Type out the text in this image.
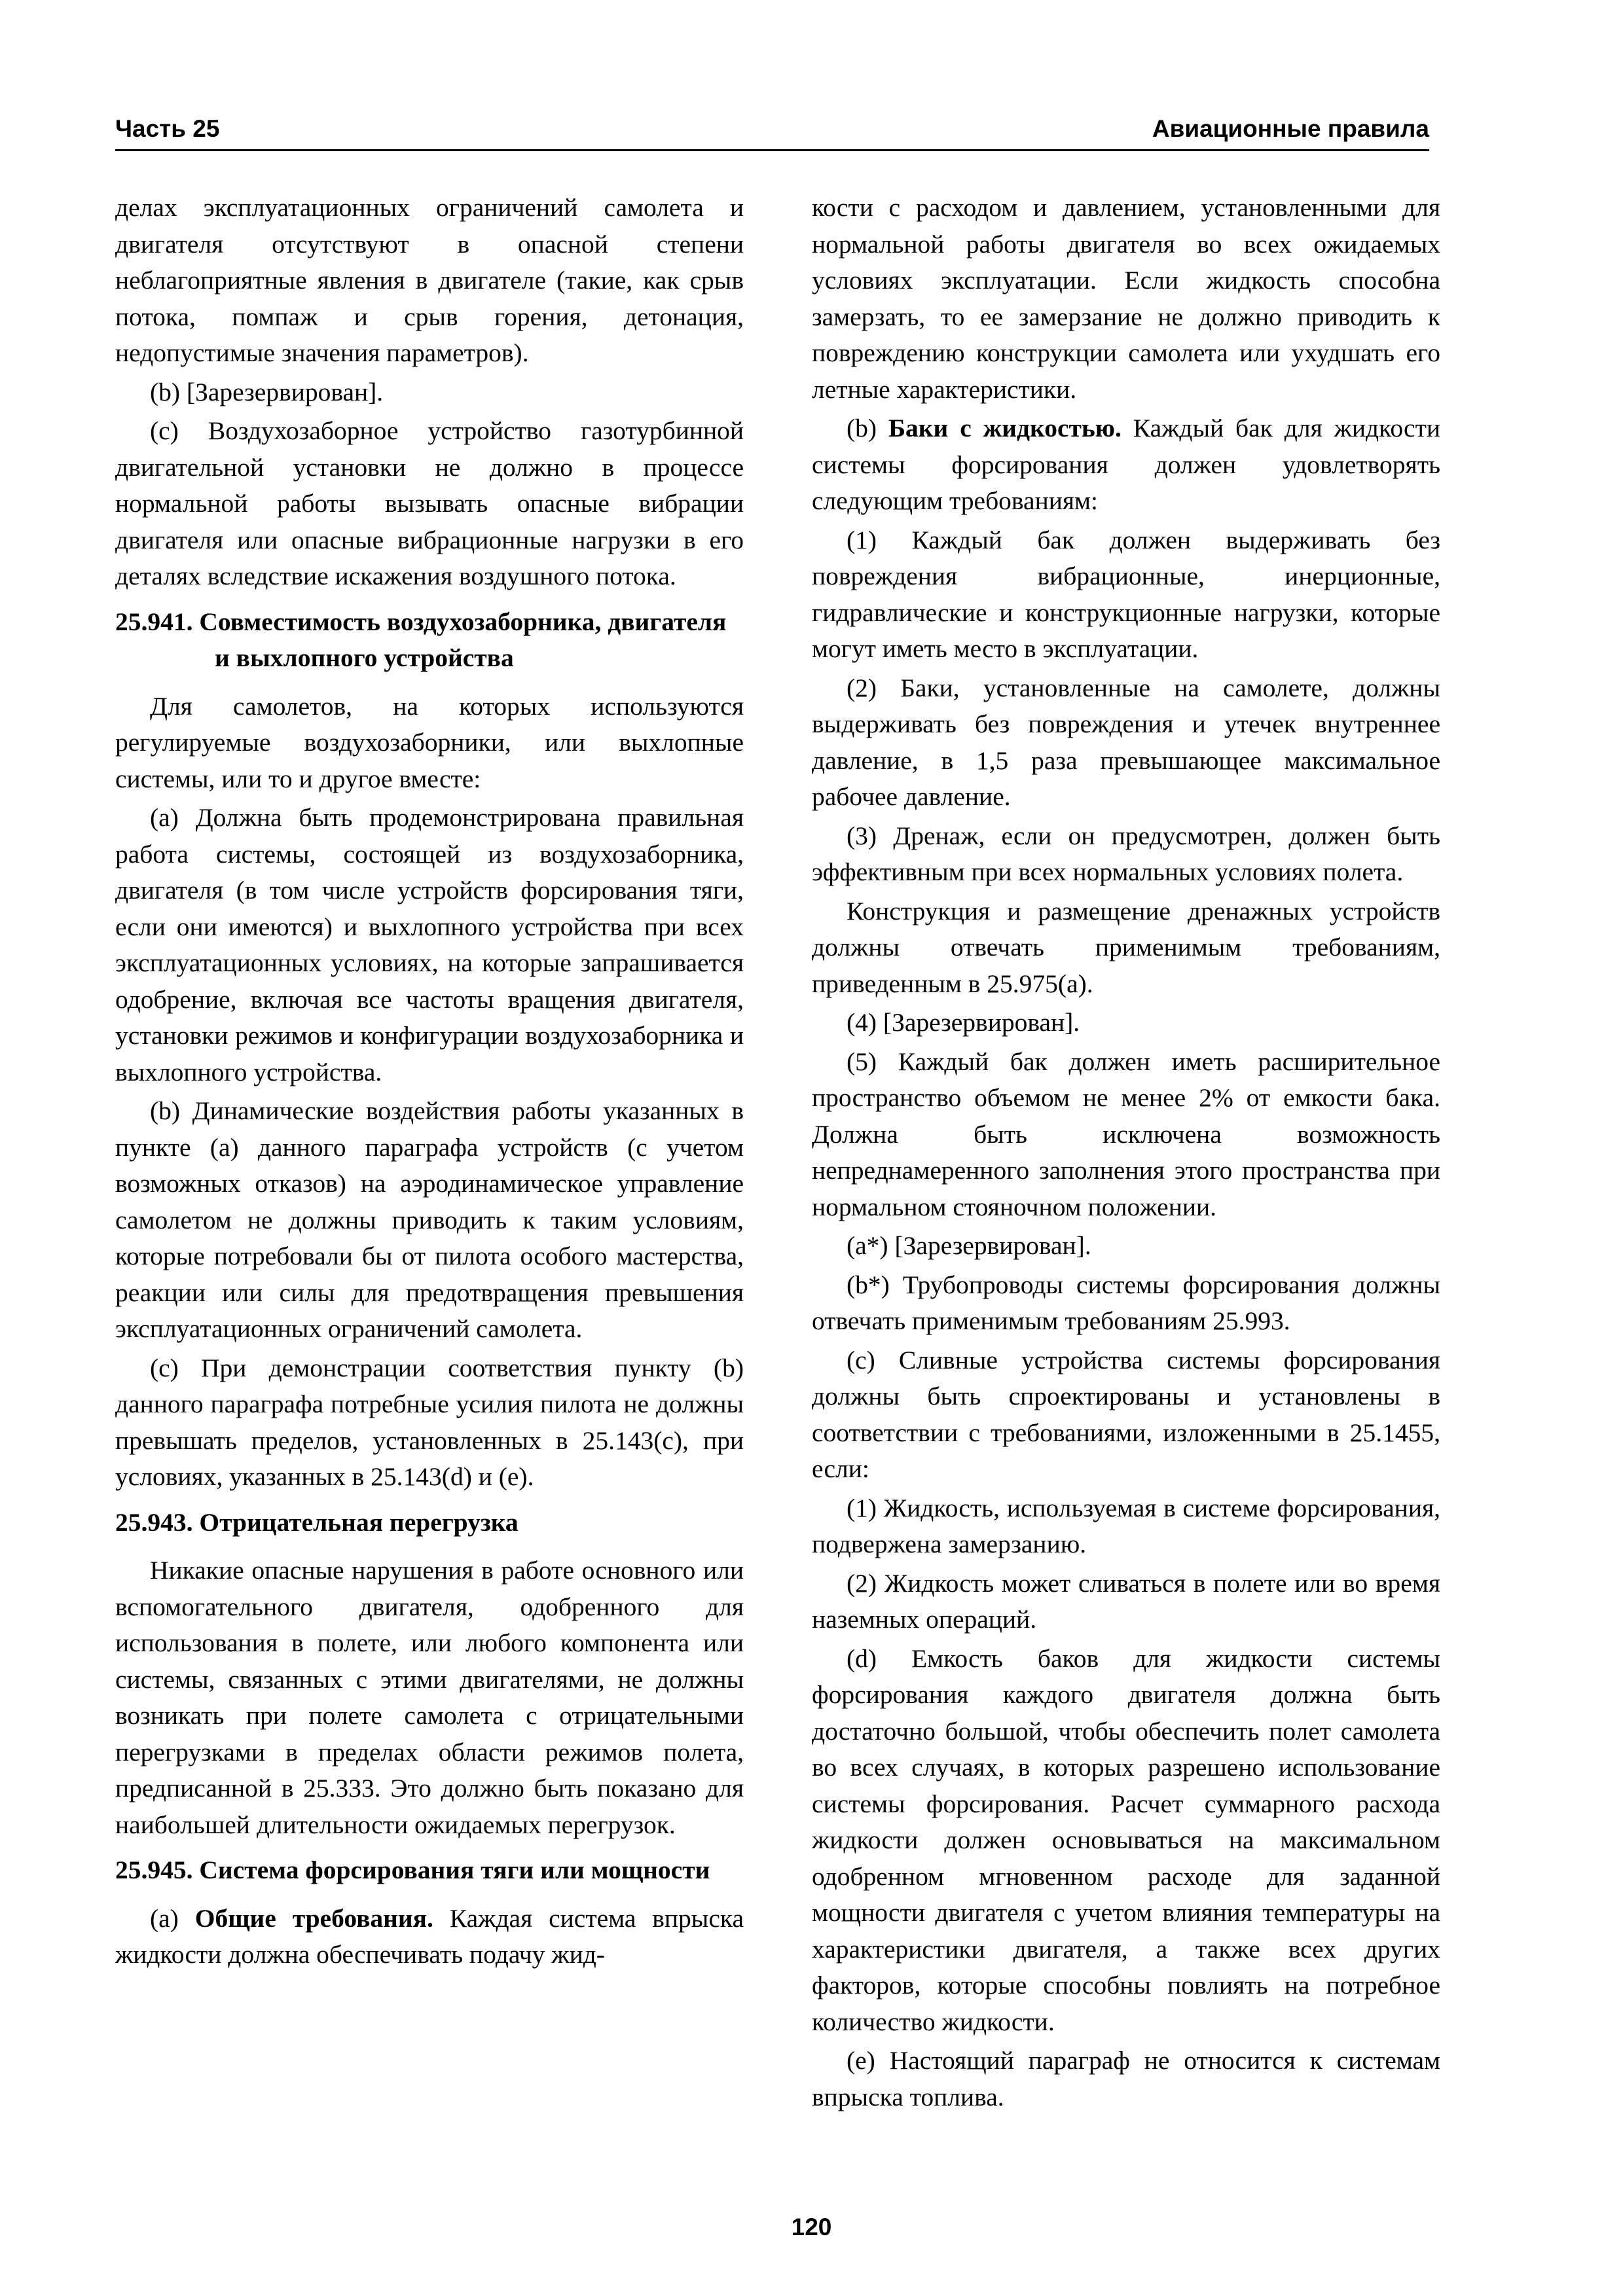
Часть 25	Авиационные правила

делах эксплуатационных ограничений самолета и двигателя отсутствуют в опасной степени неблагоприятные явления в двигателе (такие, как срыв потока, помпаж и срыв горения, детонация, недопустимые значения параметров).

(b) [Зарезервирован].

(c) Воздухозаборное устройство газотурбинной двигательной установки не должно в процессе нормальной работы вызывать опасные вибрации двигателя или опасные вибрационные нагрузки в его деталях вследствие искажения воздушного потока.

25.941. Совместимость воздухозаборника, двигателя и выхлопного устройства

Для самолетов, на которых используются регулируемые воздухозаборники, или выхлопные системы, или то и другое вместе:

(a) Должна быть продемонстрирована правильная работа системы, состоящей из воздухозаборника, двигателя (в том числе устройств форсирования тяги, если они имеются) и выхлопного устройства при всех эксплуатационных условиях, на которые запрашивается одобрение, включая все частоты вращения двигателя, установки режимов и конфигурации воздухозаборника и выхлопного устройства.

(b) Динамические воздействия работы указанных в пункте (a) данного параграфа устройств (с учетом возможных отказов) на аэродинамическое управление самолетом не должны приводить к таким условиям, которые потребовали бы от пилота особого мастерства, реакции или силы для предотвращения превышения эксплуатационных ограничений самолета.

(c) При демонстрации соответствия пункту (b) данного параграфа потребные усилия пилота не должны превышать пределов, установленных в 25.143(c), при условиях, указанных в 25.143(d) и (e).

25.943. Отрицательная перегрузка

Никакие опасные нарушения в работе основного или вспомогательного двигателя, одобренного для использования в полете, или любого компонента или системы, связанных с этими двигателями, не должны возникать при полете самолета с отрицательными перегрузками в пределах области режимов полета, предписанной в 25.333. Это должно быть показано для наибольшей длительности ожидаемых перегрузок.

25.945. Система форсирования тяги или мощности

(a) Общие требования. Каждая система впрыска жидкости должна обеспечивать подачу жид-

кости с расходом и давлением, установленными для нормальной работы двигателя во всех ожидаемых условиях эксплуатации. Если жидкость способна замерзать, то ее замерзание не должно приводить к повреждению конструкции самолета или ухудшать его летные характеристики.

(b) Баки с жидкостью. Каждый бак для жидкости системы форсирования должен удовлетворять следующим требованиям:

(1) Каждый бак должен выдерживать без повреждения вибрационные, инерционные, гидравлические и конструкционные нагрузки, которые могут иметь место в эксплуатации.

(2) Баки, установленные на самолете, должны выдерживать без повреждения и утечек внутреннее давление, в 1,5 раза превышающее максимальное рабочее давление.

(3) Дренаж, если он предусмотрен, должен быть эффективным при всех нормальных условиях полета.

Конструкция и размещение дренажных устройств должны отвечать применимым требованиям, приведенным в 25.975(a).

(4) [Зарезервирован].

(5) Каждый бак должен иметь расширительное пространство объемом не менее 2% от емкости бака. Должна быть исключена возможность непреднамеренного заполнения этого пространства при нормальном стояночном положении.

(a*) [Зарезервирован].

(b*) Трубопроводы системы форсирования должны отвечать применимым требованиям 25.993.

(c) Сливные устройства системы форсирования должны быть спроектированы и установлены в соответствии с требованиями, изложенными в 25.1455, если:

(1) Жидкость, используемая в системе форсирования, подвержена замерзанию.

(2) Жидкость может сливаться в полете или во время наземных операций.

(d) Емкость баков для жидкости системы форсирования каждого двигателя должна быть достаточно большой, чтобы обеспечить полет самолета во всех случаях, в которых разрешено использование системы форсирования. Расчет суммарного расхода жидкости должен основываться на максимальном одобренном мгновенном расходе для заданной мощности двигателя с учетом влияния температуры на характеристики двигателя, а также всех других факторов, которые способны повлиять на потребное количество жидкости.

(e) Настоящий параграф не относится к системам впрыска топлива.

120
